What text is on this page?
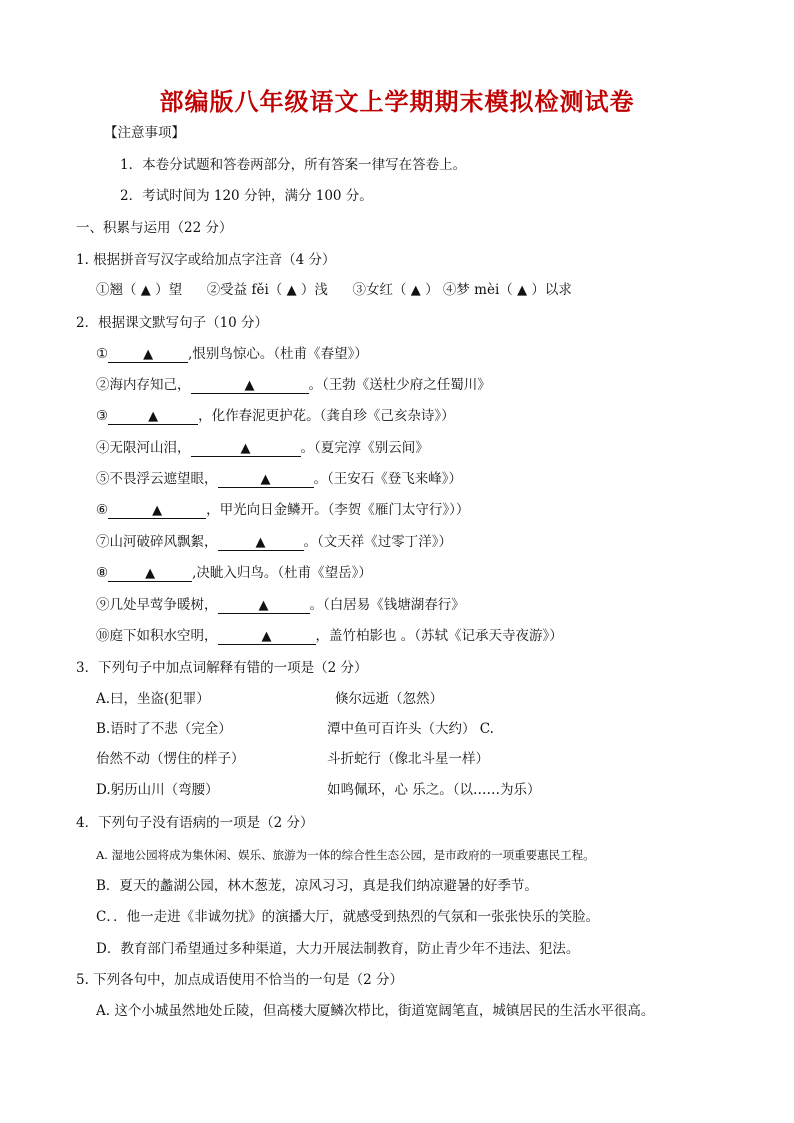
部编版八年级语文上学期期末模拟检测试卷
【注意事项】
1．本卷分试题和答卷两部分，所有答案一律写在答卷上。
2．考试时间为 120 分钟，满分 100 分。
一、积累与运用（22 分）
1. 根据拼音写汉字或给加点字注音（4 分）
①翘（ ▲ ）望 ②受益 fěi（ ▲ ）浅 ③女红（ ▲ ） ④梦 mèi（ ▲ ）以求
2．根据课文默写句子（10 分）
①	▲	,恨别鸟惊心。（杜甫《春望》）
②海内存知己，	▲	。（王勃《送杜少府之任蜀川》
③	▲	，化作春泥更护花。（龚自珍《己亥杂诗》）
④无限河山泪，	▲	。（夏完淳《别云间》
⑤不畏浮云遮望眼，	▲	。（王安石《登飞来峰》）
⑥	▲	，甲光向日金鳞开。（李贺《雁门太守行》））
⑦山河破碎风飘絮，	▲	。（文天祥《过零丁洋》）
⑧	▲	,决眦入归鸟。（杜甫《望岳》）
⑨几处早莺争暖树，	▲	。（白居易《钱塘湖春行》
⑩庭下如积水空明，	▲	，盖竹柏影也 。（苏轼《记承天寺夜游》）
3．下列句子中加点词解释有错的一项是（2 分）
A.曰，坐盗(犯罪）	倏尔远逝（忽然）
B.语时了不悲（完全）	潭中鱼可百许头（大约） C.
佁然不动（愣住的样子）	斗折蛇行（像北斗星一样）
D.躬历山川（弯腰）	如鸣佩环，心 乐之。（以……为乐）
4．下列句子没有语病的一项是（2 分）
A. 湿地公园将成为集休闲、娱乐、旅游为一体的综合性生态公园，是市政府的一项重要惠民工程。
B．夏天的蠡湖公园，林木葱茏，凉风习习，真是我们纳凉避暑的好季节。
C．．他一走进《非诚勿扰》的演播大厅，就感受到热烈的气氛和一张张快乐的笑脸。
D．教育部门希望通过多种渠道，大力开展法制教育，防止青少年不违法、犯法。
5. 下列各句中，加点成语使用不恰当的一句是（2 分）
A. 这个小城虽然地处丘陵，但高楼大厦鳞次栉比，街道宽阔笔直，城镇居民的生活水平很高。
